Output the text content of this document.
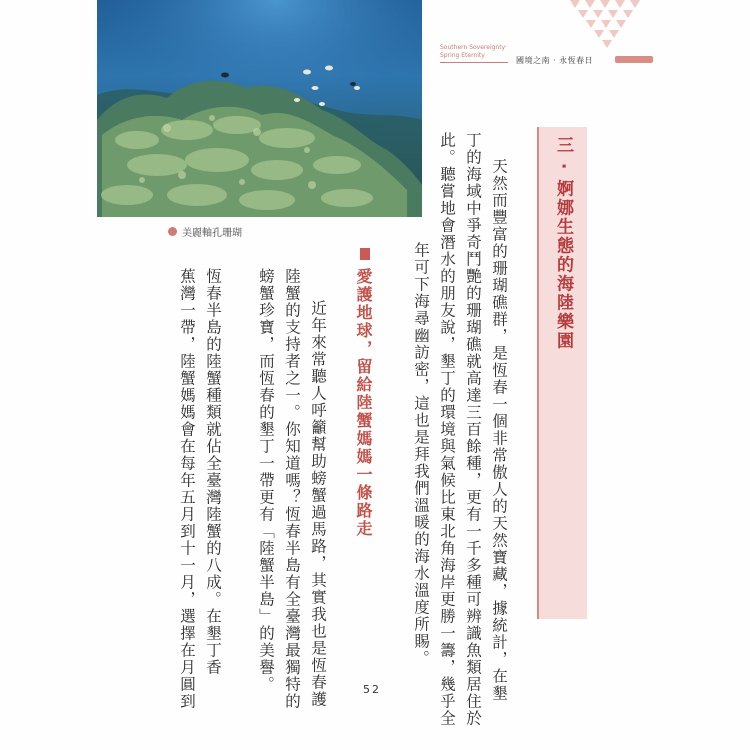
Southern Sovereignty·
Spring Eternity
國境之南 · 永恆春日
美麗軸孔珊瑚	三 · 婀娜生態的海陸樂園
天然而豐富的珊瑚礁群，是恆春一個非常傲人的天然寶藏，據統計，在墾
丁的海域中爭奇鬥艷的珊瑚礁就高達三百餘種，更有一千多種可辨識魚類居住於
此。聽嘗地會潛水的朋友說，墾丁的環境與氣候比東北角海岸更勝一籌，幾乎全
年可下海尋幽訪密，這也是拜我們溫暖的海水溫度所賜。
愛護地球，留給陸蟹媽媽一條路走
近年來常聽人呼籲幫助螃蟹過馬路，其實我也是恆春護
陸蟹的支持者之一。你知道嗎？恆春半島有全臺灣最獨特的
螃蟹珍寶，而恆春的墾丁一帶更有「陸蟹半島」的美譽。
恆春半島的陸蟹種類就佔全臺灣陸蟹的八成。在墾丁香
蕉灣一帶，陸蟹媽媽會在每年五月到十一月，選擇在月圓到	52
